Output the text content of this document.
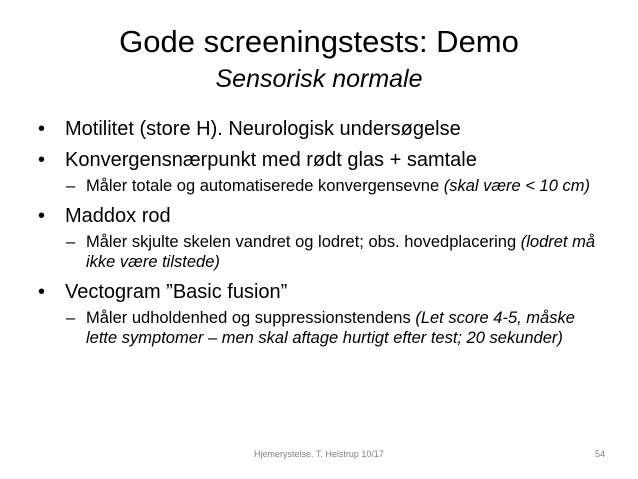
Gode screeningstests: Demo
Sensorisk normale
• Motilitet (store H). Neurologisk undersøgelse
• Konvergensnærpunkt med rødt glas + samtale
– Måler totale og automatiserede konvergensevne (skal være < 10 cm)
• Maddox rod
– Måler skjulte skelen vandret og lodret; obs. hovedplacering (lodret må ikke være tilstede)
• Vectogram ”Basic fusion”
– Måler udholdenhed og suppressionstendens (Let score 4-5, måske lette symptomer – men skal aftage hurtigt efter test; 20 sekunder)
Hjemerystelse. T. Helstrup 10/17	54
